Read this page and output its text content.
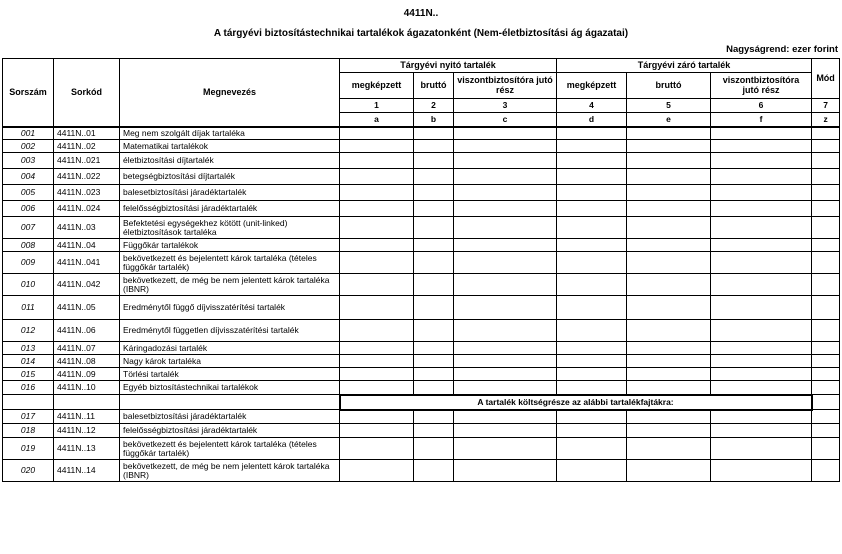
4411N..
A tárgyévi biztosítástechnikai tartalékok ágazatonként (Nem-életbiztosítási ág ágazatai)
Nagyságrend: ezer forint
Sorszám	Sorkód	Megnevezés	Tárgyévi nyitó tartalék			Tárgyévi záró tartalék			Mód
			megképzett	bruttó	viszontbiztosítóra jutó rész	megképzett	bruttó	viszontbiztosítóra jutó rész	
			1	2	3	4	5	6	7
			a	b	c	d	e	f	z
001	4411N..01	Meg nem szolgált díjak tartaléka							
002	4411N..02	Matematikai tartalékok							
003	4411N..021	életbiztosítási díjtartalék							
004	4411N..022	betegségbiztosítási díjtartalék							
005	4411N..023	balesetbiztosítási járadéktartalék							
006	4411N..024	felelősségbiztosítási járadéktartalék							
007	4411N..03	Befektetési egységekhez kötött (unit-linked) életbiztosítások tartaléka							
008	4411N..04	Függőkár tartalékok							
009	4411N..041	bekövetkezett és bejelentett károk tartaléka (tételes függőkár tartalék)							
010	4411N..042	bekövetkezett, de még be nem jelentett károk tartaléka (IBNR)							
011	4411N..05	Eredménytől függő díjvisszatérítési tartalék							
012	4411N..06	Eredménytől független díjvisszatérítési tartalék							
013	4411N..07	Káringadozási tartalék							
014	4411N..08	Nagy károk tartaléka							
015	4411N..09	Törlési tartalék							
016	4411N..10	Egyéb biztosítástechnikai tartalékok							
			A tartalék költségrésze az alábbi tartalékfajtákra:						
017	4411N..11	balesetbiztosítási járadéktartalék							
018	4411N..12	felelősségbiztosítási járadéktartalék							
019	4411N..13	bekövetkezett és bejelentett károk tartaléka (tételes függőkár tartalék)							
020	4411N..14	bekövetkezett, de még be nem jelentett károk tartaléka (IBNR)							
